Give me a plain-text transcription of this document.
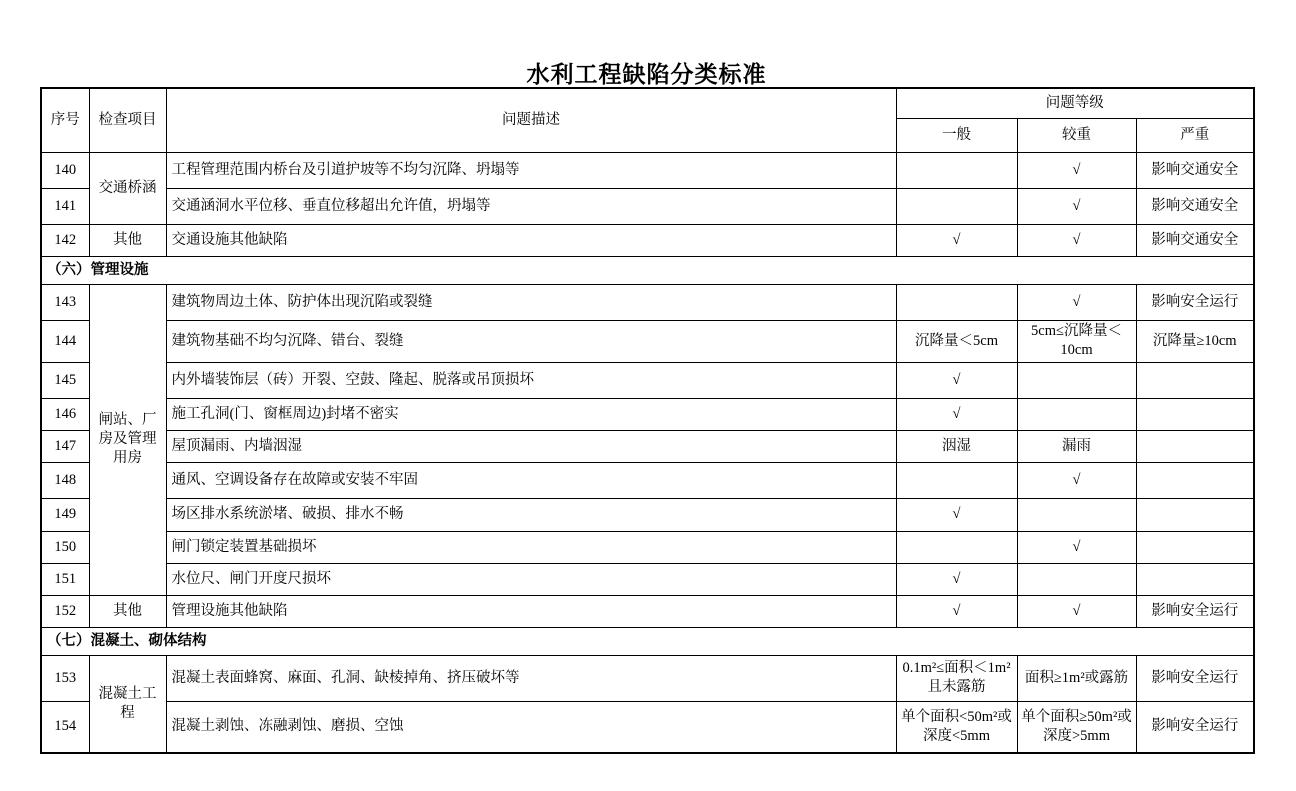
水利工程缺陷分类标准
序号	检查项目	问题描述	问题等级		
			一般	较重	严重
140	交通桥涵	工程管理范围内桥台及引道护坡等不均匀沉降、坍塌等		√	影响交通安全
141		交通涵洞水平位移、垂直位移超出允许值，坍塌等		√	影响交通安全
142	其他	交通设施其他缺陷	√	√	影响交通安全
（六）管理设施					
143	闸站、厂房及管理用房	建筑物周边土体、防护体出现沉陷或裂缝		√	影响安全运行
144		建筑物基础不均匀沉降、错台、裂缝	沉降量＜5cm	5cm≤沉降量＜10cm	沉降量≥10cm
145		内外墙装饰层（砖）开裂、空鼓、隆起、脱落或吊顶损坏	√		
146		施工孔洞(门、窗框周边)封堵不密实	√		
147		屋顶漏雨、内墙洇湿	洇湿	漏雨	
148		通风、空调设备存在故障或安装不牢固		√	
149		场区排水系统淤堵、破损、排水不畅	√		
150		闸门锁定装置基础损坏		√	
151		水位尺、闸门开度尺损坏	√		
152	其他	管理设施其他缺陷	√	√	影响安全运行
（七）混凝土、砌体结构					
153	混凝土工程	混凝土表面蜂窝、麻面、孔洞、缺棱掉角、挤压破坏等	0.1m²≤面积＜1m²且未露筋	面积≥1m²或露筋	影响安全运行
154		混凝土剥蚀、冻融剥蚀、磨损、空蚀	单个面积<50m²或深度<5mm	单个面积≥50m²或深度>5mm	影响安全运行
